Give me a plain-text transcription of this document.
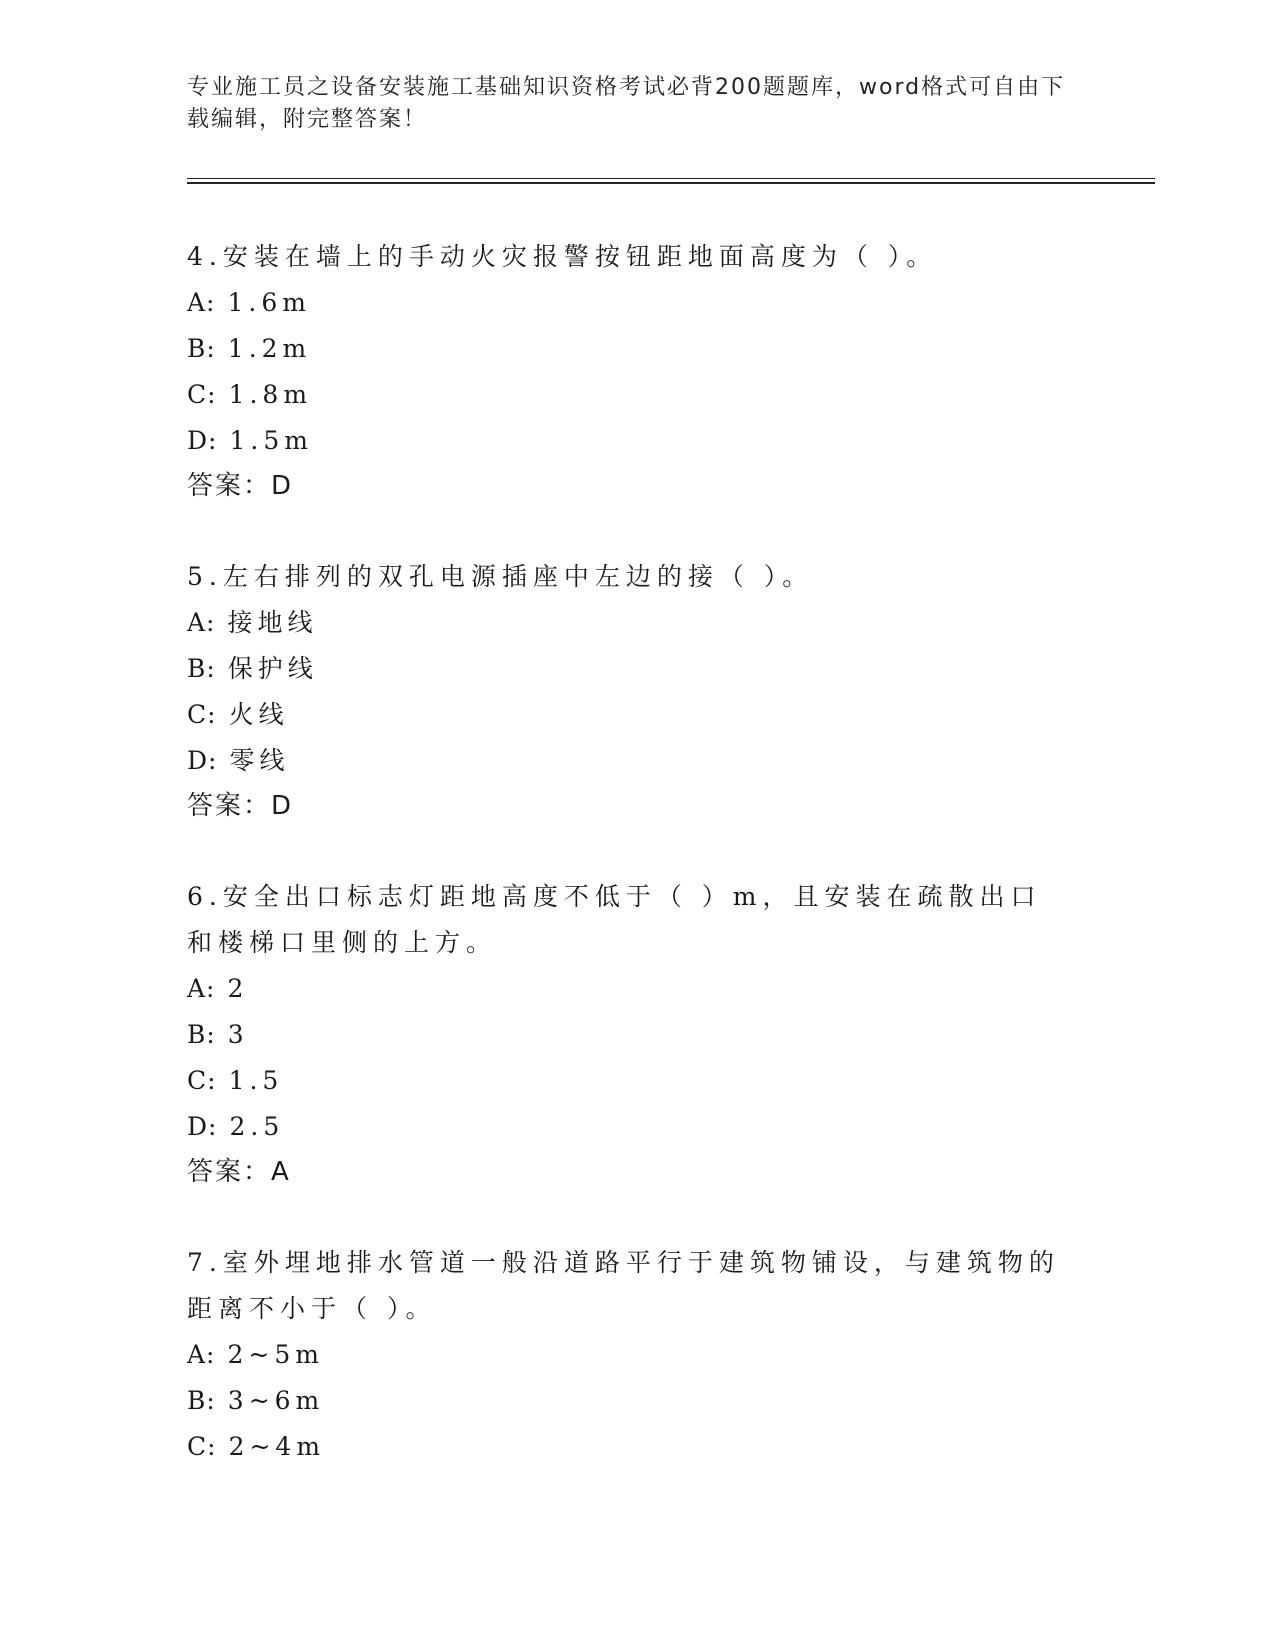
专业施工员之设备安装施工基础知识资格考试必背200题题库，word格式可自由下载编辑，附完整答案！
4.安装在墙上的手动火灾报警按钮距地面高度为（ ）。
A: 1.6m
B: 1.2m
C: 1.8m
D: 1.5m
答案：D
5.左右排列的双孔电源插座中左边的接（ ）。
A: 接地线
B: 保护线
C: 火线
D: 零线
答案：D
6.安全出口标志灯距地高度不低于（ ）m，且安装在疏散出口和楼梯口里侧的上方。
A: 2
B: 3
C: 1.5
D: 2.5
答案：A
7.室外埋地排水管道一般沿道路平行于建筑物铺设，与建筑物的距离不小于（ ）。
A: 2~5m
B: 3~6m
C: 2~4m
